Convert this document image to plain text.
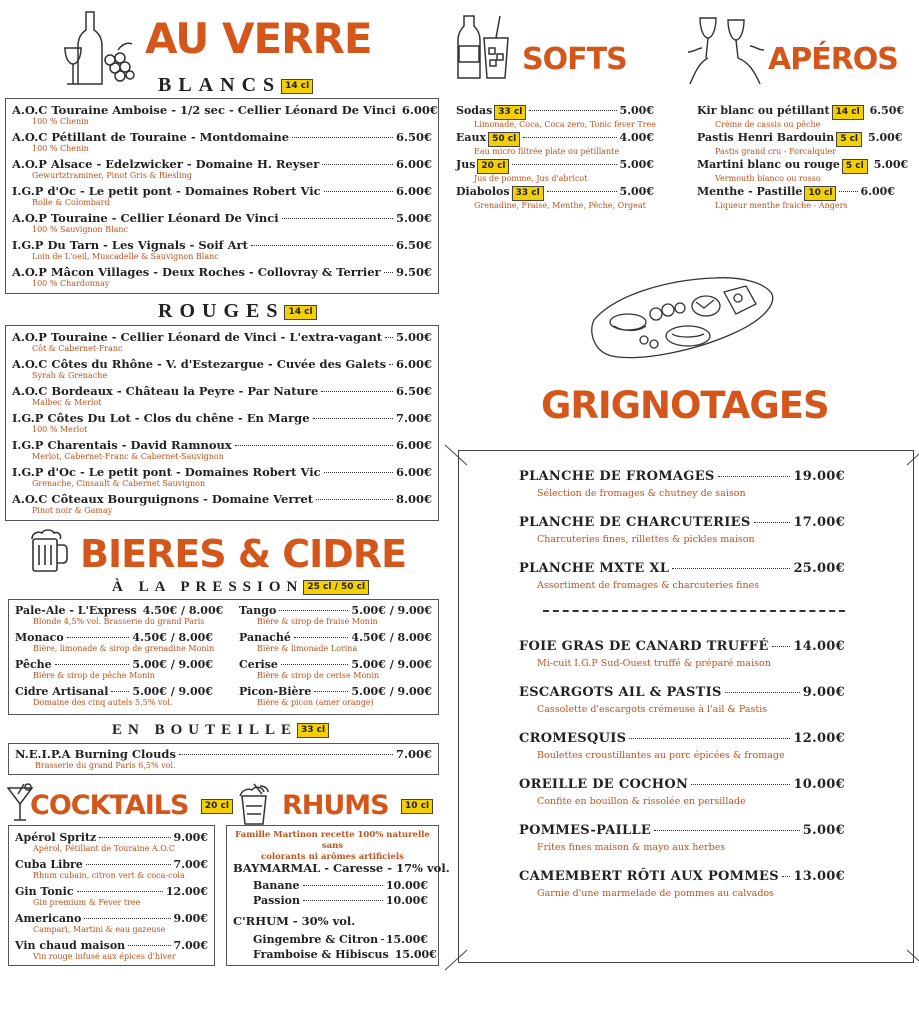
AU VERRE
BLANCS 14 cl
A.O.C Touraine Amboise - 1/2 sec - Cellier Léonard De Vinci 6.00€
100 % Chenin
A.O.C Pétillant de Touraine - Montdomaine	6.50€
100 % Chenin
A.O.P Alsace - Edelzwicker - Domaine H. Reyser	6.00€
Gewurtztraminer, Pinot Gris & Riesling
I.G.P d'Oc - Le petit pont - Domaines Robert Vic	6.00€
Rolle & Colombard
A.O.P Touraine - Cellier Léonard De Vinci	5.00€
100 % Sauvignon Blanc
I.G.P Du Tarn - Les Vignals - Soif Art	6.50€
Loin de L'oeil, Muscadelle & Sauvignon Blanc
A.O.P Mâcon Villages - Deux Roches - Collovray & Terrier 9.50€
100 % Chardonnay
ROUGES 14 cl
A.O.P Touraine - Cellier Léonard de Vinci - L'extra-vagant 5.00€
Côt & Cabernet-Franc
A.O.C Côtes du Rhône - V. d'Estezargue - Cuvée des Galets 6.00€
Syrah & Grenache
A.O.C Bordeaux - Château la Peyre - Par Nature	6.50€
Malbec & Merlot
I.G.P Côtes Du Lot - Clos du chêne - En Marge	7.00€
100 % Merlot
I.G.P Charentais - David Ramnoux	6.00€
Merlot, Cabernet-Franc & Cabernet-Sauvignon
I.G.P d'Oc - Le petit pont - Domaines Robert Vic	6.00€
Grenache, Cinsault & Cabernet Sauvignon
A.O.C Côteaux Bourguignons - Domaine Verret	8.00€
Pinot noir & Gamay
BIERES & CIDRE
À LA PRESSION 25 cl / 50 cl
Pale-Ale - L'Express 4.50€ / 8.00€
Blonde 4,5% vol. Brasserie du grand Paris
Monaco	4.50€ / 8.00€
Bière, limonade & sirop de grenadine Monin
Pêche	5.00€ / 9.00€
Bière & sirop de pêche Monin
Cidre Artisanal 5.00€ / 9.00€
Domaine des cinq autels 5,5% vol.
Tango	5.00€ / 9.00€
Bière & sirop de fraise Monin
Panaché	4.50€ / 8.00€
Bière & limonade Lorina
Cerise	5.00€ / 9.00€
Bière & sirop de cerise Monin
Picon-Bière	5.00€ / 9.00€
Bière & picon (amer orange)
EN BOUTEILLE 33 cl
N.E.I.P.A Burning Clouds	7.00€
Brasserie du grand Paris 6,5% vol.
COCKTAILS 20 cl
Apérol Spritz	9.00€
Apérol, Pétillant de Touraine A.O.C
Cuba Libre	7.00€
Rhum cubain, citron vert & coca-cola
Gin Tonic	12.00€
Gin premium & Fever tree
Americano	9.00€
Campari, Martini & eau gazeuse
Vin chaud maison	7.00€
Vin rouge infusé aux épices d'hiver
RHUMS 10 cl
Famille Martinon recette 100% naturelle sans
colorants ni arômes artificiels
BAYMARMAL - Caresse - 17% vol.
Banane	10.00€
Passion	10.00€
C'RHUM - 30% vol.
Gingembre & Citron 15.00€
Framboise & Hibiscus 15.00€
SOFTS
Sodas 33 cl	5.00€
Limonade, Coca, Coca zero, Tonic fever Tree
Eaux 50 cl	4.00€
Eau micro filtrée plate ou pétillante
Jus 20 cl	5.00€
Jus de pomme, Jus d'abricot
Diabolos 33 cl	5.00€
Grenadine, Fraise, Menthe, Pêche, Orgeat
APÉROS
Kir blanc ou pétillant 14 cl 6.50€
Crème de cassis ou pêche
Pastis Henri Bardouin 5 cl 5.00€
Pastis grand cru - Forcalquier
Martini blanc ou rouge 5 cl 5.00€
Vermouth bianco ou rosso
Menthe - Pastille 10 cl	6.00€
Liqueur menthe fraiche - Angers
GRIGNOTAGES
PLANCHE DE FROMAGES	19.00€
Sélection de fromages & chutney de saison
PLANCHE DE CHARCUTERIES	17.00€
Charcuteries fines, rillettes & pickles maison
PLANCHE MXTE XL	25.00€
Assortiment de fromages & charcuteries fines
FOIE GRAS DE CANARD TRUFFÉ 14.00€
Mi-cuit I.G.P Sud-Ouest truffé & préparé maison
ESCARGOTS AIL & PASTIS	9.00€
Cassolette d'escargots crémeuse à l'ail & Pastis
CROMESQUIS	12.00€
Boulettes croustillantes au porc épicées & fromage
OREILLE DE COCHON	10.00€
Confite en bouillon & rissolée en persillade
POMMES-PAILLE	5.00€
Frites fines maison & mayo aux herbes
CAMEMBERT RÔTI AUX POMMES 13.00€
Garnie d'une marmelade de pommes au calvados
